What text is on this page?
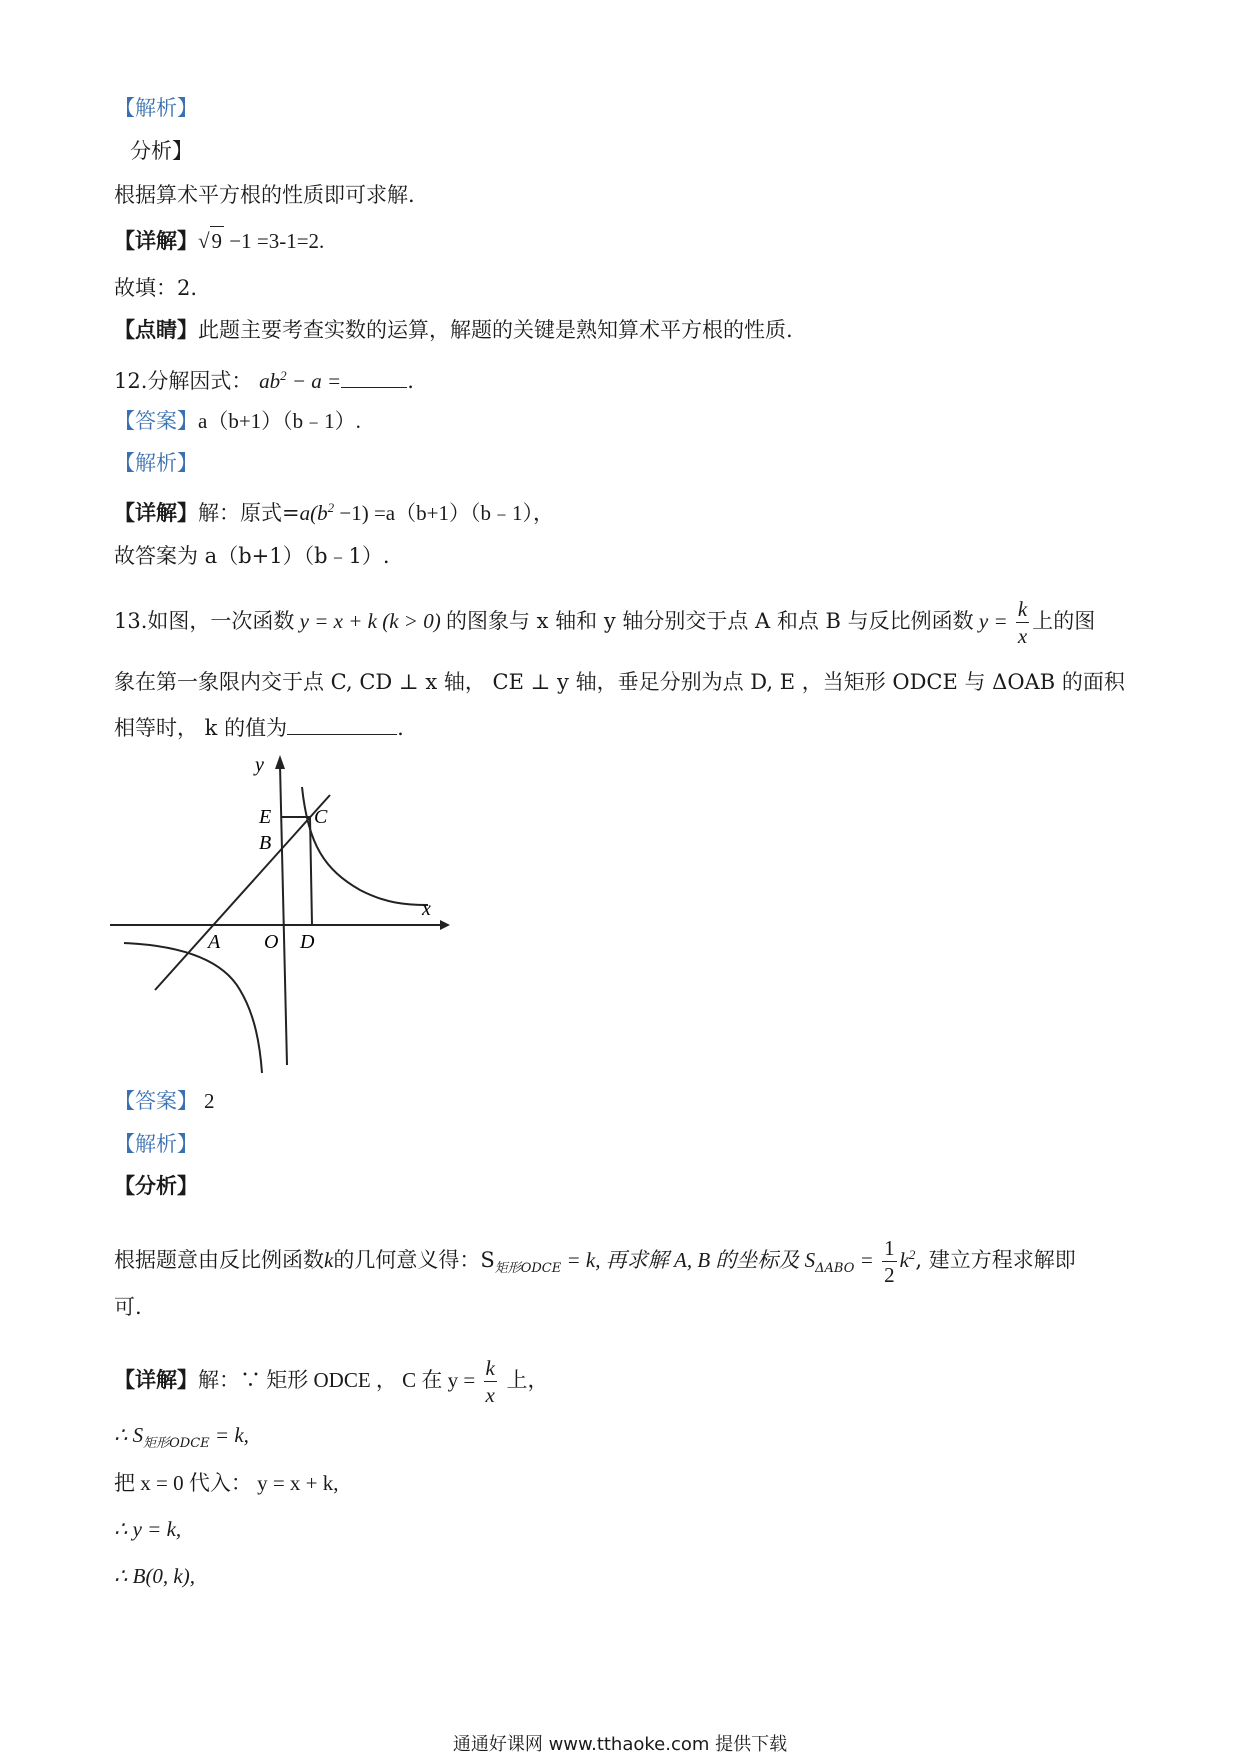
【解析】
分析】
根据算术平方根的性质即可求解.
【详解】√9 −1 =3-1=2.
故填：2.
【点睛】此题主要考查实数的运算，解题的关键是熟知算术平方根的性质.
12.分解因式： $ab^2 - a$ =	.
【答案】a（b+1）（b﹣1）.
【解析】
【详解】解：原式$=a(b^2 -1)$ =a（b+1）（b﹣1），
故答案为 a（b+1）（b﹣1）.
13.如图，一次函数 y = x + k (k > 0) 的图象与 x 轴和 y 轴分别交于点 A 和点 B 与反比例函数 $y = \frac{k}{x}$ 上的图
象在第一象限内交于点 C, CD ⊥ x 轴， CE ⊥ y 轴，垂足分别为点 D, E ，当矩形 ODCE 与 ΔOAB 的面积
相等时， k 的值为	.
y
x
E C
B
A O D
【答案】 2
【解析】
【分析】
根据题意由反比例函数k的几何意义得：$S_{矩形ODCE} = k$, 再求解 A, B 的坐标及 $S_{\Delta ABO} = \frac{1}{2} k^2$, 建立方程求解即
可.
【详解】解：∵ 矩形 ODCE ， C 在 $y = \frac{k}{x}$ 上，
∴ $S_{矩形ODCE} = k$,
把 x = 0 代入： y = x + k,
∴ y = k,
∴ B(0, k),
通通好课网 www.tthaoke.com 提供下载
